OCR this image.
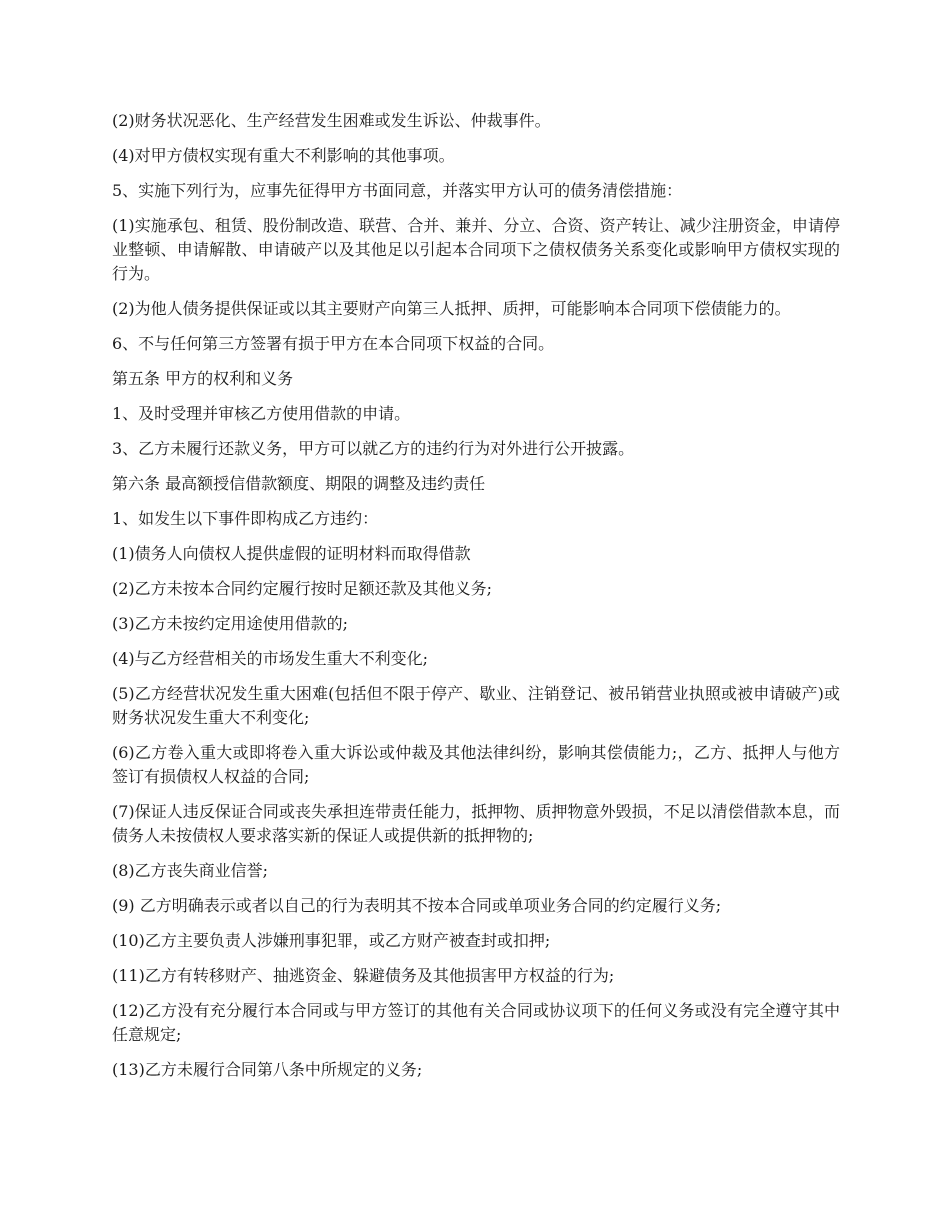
(2)财务状况恶化、生产经营发生困难或发生诉讼、仲裁事件。

(4)对甲方债权实现有重大不利影响的其他事项。

5、实施下列行为，应事先征得甲方书面同意，并落实甲方认可的债务清偿措施：

(1)实施承包、租赁、股份制改造、联营、合并、兼并、分立、合资、资产转让、减少注册资金，申请停业整顿、申请解散、申请破产以及其他足以引起本合同项下之债权债务关系变化或影响甲方债权实现的行为。

(2)为他人债务提供保证或以其主要财产向第三人抵押、质押，可能影响本合同项下偿债能力的。

6、不与任何第三方签署有损于甲方在本合同项下权益的合同。

第五条 甲方的权利和义务

1、及时受理并审核乙方使用借款的申请。

3、乙方未履行还款义务，甲方可以就乙方的违约行为对外进行公开披露。

第六条 最高额授信借款额度、期限的调整及违约责任

1、如发生以下事件即构成乙方违约：

(1)债务人向债权人提供虚假的证明材料而取得借款

(2)乙方未按本合同约定履行按时足额还款及其他义务;

(3)乙方未按约定用途使用借款的;

(4)与乙方经营相关的市场发生重大不利变化;

(5)乙方经营状况发生重大困难(包括但不限于停产、歇业、注销登记、被吊销营业执照或被申请破产)或财务状况发生重大不利变化;

(6)乙方卷入重大或即将卷入重大诉讼或仲裁及其他法律纠纷，影响其偿债能力;，乙方、抵押人与他方签订有损债权人权益的合同;

(7)保证人违反保证合同或丧失承担连带责任能力，抵押物、质押物意外毁损，不足以清偿借款本息，而债务人未按债权人要求落实新的保证人或提供新的抵押物的;

(8)乙方丧失商业信誉;

(9) 乙方明确表示或者以自己的行为表明其不按本合同或单项业务合同的约定履行义务;

(10)乙方主要负责人涉嫌刑事犯罪，或乙方财产被查封或扣押;

(11)乙方有转移财产、抽逃资金、躲避债务及其他损害甲方权益的行为;

(12)乙方没有充分履行本合同或与甲方签订的其他有关合同或协议项下的任何义务或没有完全遵守其中任意规定;

(13)乙方未履行合同第八条中所规定的义务;
